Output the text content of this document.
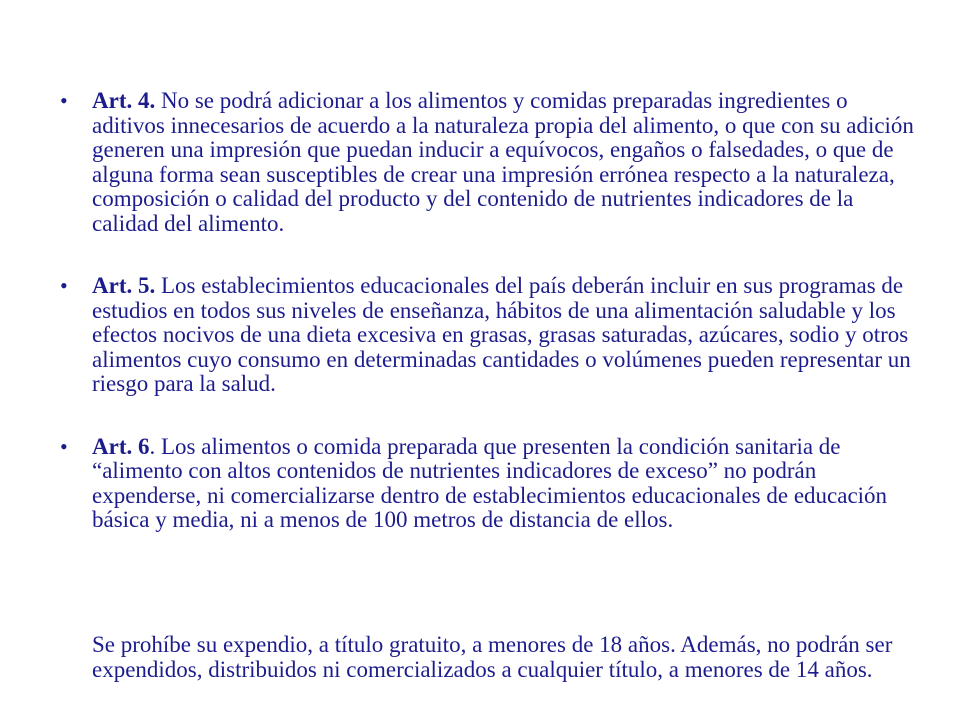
• Art. 4. No se podrá adicionar a los alimentos y comidas preparadas ingredientes o aditivos innecesarios de acuerdo a la naturaleza propia del alimento, o que con su adición generen una impresión que puedan inducir a equívocos, engaños o falsedades, o que de alguna forma sean susceptibles de crear una impresión errónea respecto a la naturaleza, composición o calidad del producto y del contenido de nutrientes indicadores de la calidad del alimento.
• Art. 5. Los establecimientos educacionales del país deberán incluir en sus programas de estudios en todos sus niveles de enseñanza, hábitos de una alimentación saludable y los efectos nocivos de una dieta excesiva en grasas, grasas saturadas, azúcares, sodio y otros alimentos cuyo consumo en determinadas cantidades o volúmenes pueden representar un riesgo para la salud.
• Art. 6. Los alimentos o comida preparada que presenten la condición sanitaria de “alimento con altos contenidos de nutrientes indicadores de exceso” no podrán expenderse, ni comercializarse dentro de establecimientos educacionales de educación básica y media, ni a menos de 100 metros de distancia de ellos.

Se prohíbe su expendio, a título gratuito, a menores de 18 años. Además, no podrán ser expendidos, distribuidos ni comercializados a cualquier título, a menores de 14 años.
